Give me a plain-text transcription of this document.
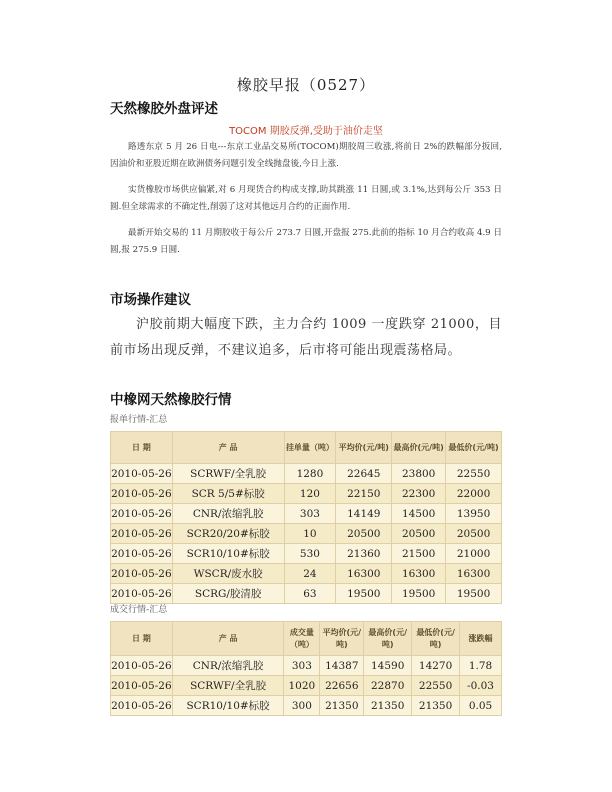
橡胶早报（0527）
天然橡胶外盘评述
TOCOM 期胶反弹,受助于油价走坚
路透东京 5 月 26 日电---东京工业品交易所(TOCOM)期胶周三收涨,将前日 2%的跌幅部分扳回,因油价和亚股近期在欧洲债务问题引发全线抛盘後,今日上涨.
实货橡胶市场供应偏紧,对 6 月现货合约构成支撑,助其跳涨 11 日圆,或 3.1%,达到每公斤 353 日圆.但全球需求的不确定性,削弱了这对其他远月合约的正面作用.
最新开始交易的 11 月期胶收于每公斤 273.7 日圆,开盘报 275.此前的指标 10 月合约收高 4.9 日圆,报 275.9 日圆.
市场操作建议
沪胶前期大幅度下跌，主力合约 1009 一度跌穿 21000，目前市场出现反弹，不建议追多，后市将可能出现震荡格局。
中橡网天然橡胶行情
报单行情-汇总
日 期	产 品	挂单量（吨）	平均价(元/吨)	最高价(元/吨)	最低价(元/吨)
2010-05-26	SCRWF/全乳胶	1280	22645	23800	22550
2010-05-26	SCR 5/5#标胶	120	22150	22300	22000
2010-05-26	CNR/浓缩乳胶	303	14149	14500	13950
2010-05-26	SCR20/20#标胶	10	20500	20500	20500
2010-05-26	SCR10/10#标胶	530	21360	21500	21000
2010-05-26	WSCR/废水胶	24	16300	16300	16300
2010-05-26	SCRG/胶清胶	63	19500	19500	19500
成交行情-汇总
日 期	产 品	成交量（吨）	平均价(元/吨)	最高价(元/吨)	最低价(元/吨)	涨跌幅
2010-05-26	CNR/浓缩乳胶	303	14387	14590	14270	1.78
2010-05-26	SCRWF/全乳胶	1020	22656	22870	22550	-0.03
2010-05-26	SCR10/10#标胶	300	21350	21350	21350	0.05
